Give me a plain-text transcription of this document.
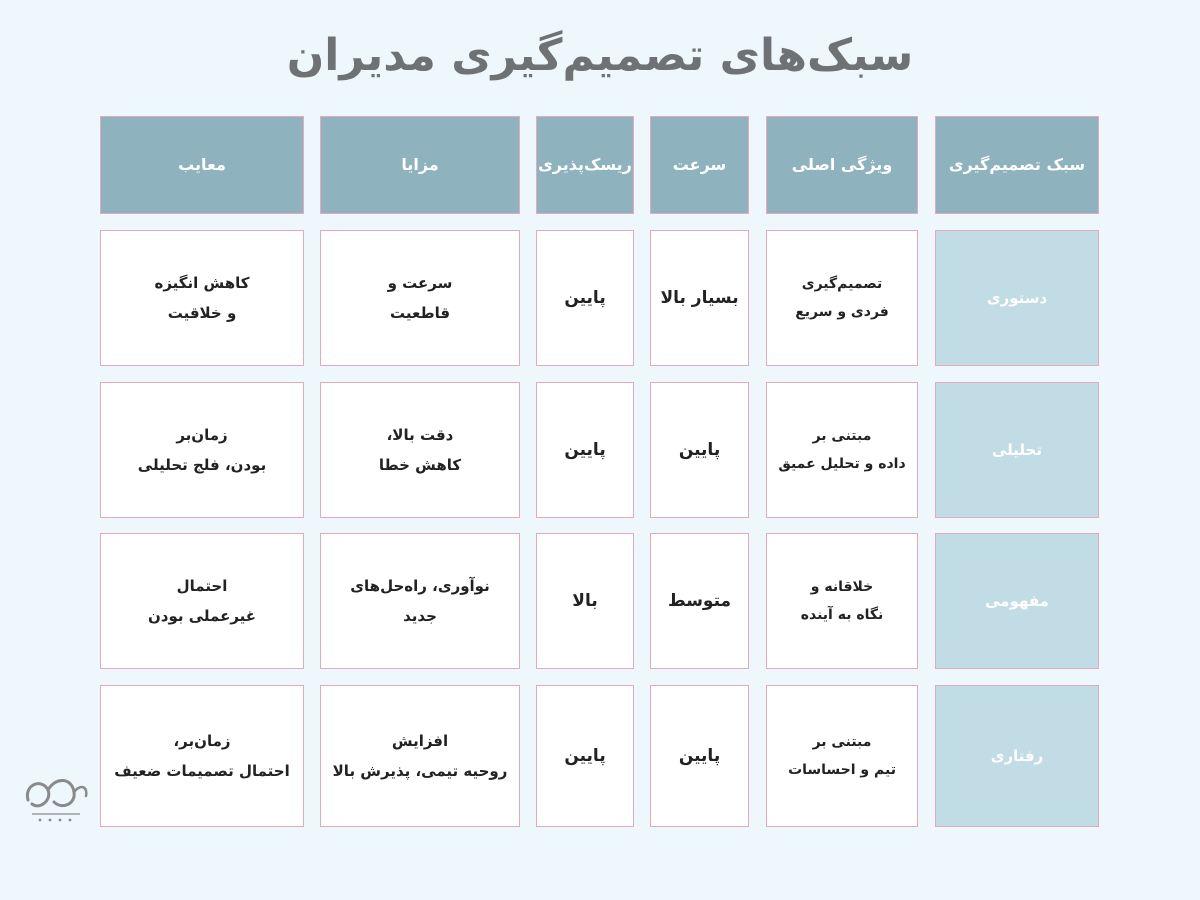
سبک‌های تصمیم‌گیری مدیران
سبک تصمیم‌گیری
ویژگی اصلی
سرعت
ریسک‌پذیری
مزایا
معایب
دستوری
تصمیم‌گیری
فردی و سریع
بسیار بالا
پایین
سرعت و
قاطعیت
کاهش انگیزه
و خلاقیت
تحلیلی
مبتنی بر
داده و تحلیل عمیق
پایین
پایین
دقت بالا،
کاهش خطا
زمان‌بر
بودن، فلج تحلیلی
مفهومی
خلاقانه و
نگاه به آینده
متوسط
بالا
نوآوری، راه‌حل‌های
جدید
احتمال
غیرعملی بودن
رفتاری
مبتنی بر
تیم و احساسات
پایین
پایین
افزایش
روحیه تیمی، پذیرش بالا
زمان‌بر،
احتمال تصمیمات ضعیف
